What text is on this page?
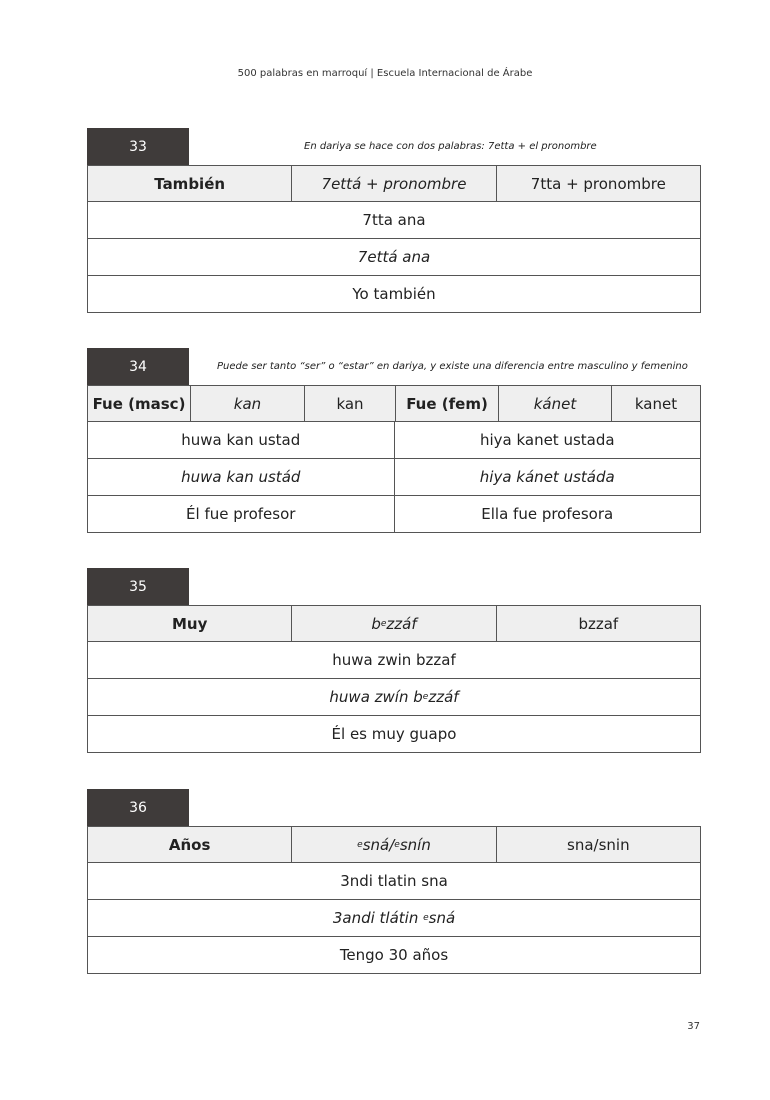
500 palabras en marroquí | Escuela Internacional de Árabe
33	En dariya se hace con dos palabras: 7etta + el pronombre
También	7ettá + pronombre	7tta + pronombre
7tta ana
7ettá ana
Yo también
34	Puede ser tanto “ser” o “estar” en dariya, y existe una diferencia entre masculino y femenino
Fue (masc)	kan	kan	Fue (fem)	kánet	kanet
huwa kan ustad	hiya kanet ustada
huwa kan ustád	hiya kánet ustáda
Él fue profesor	Ella fue profesora
35
Muy	b e zzáf	bzzaf
huwa zwin bzzaf
huwa zwín b e zzáf
Él es muy guapo
36
Años	e sná/ e snín	sna/snin
3ndi tlatin sna
3andi tlátin e sná
Tengo 30 años
37
